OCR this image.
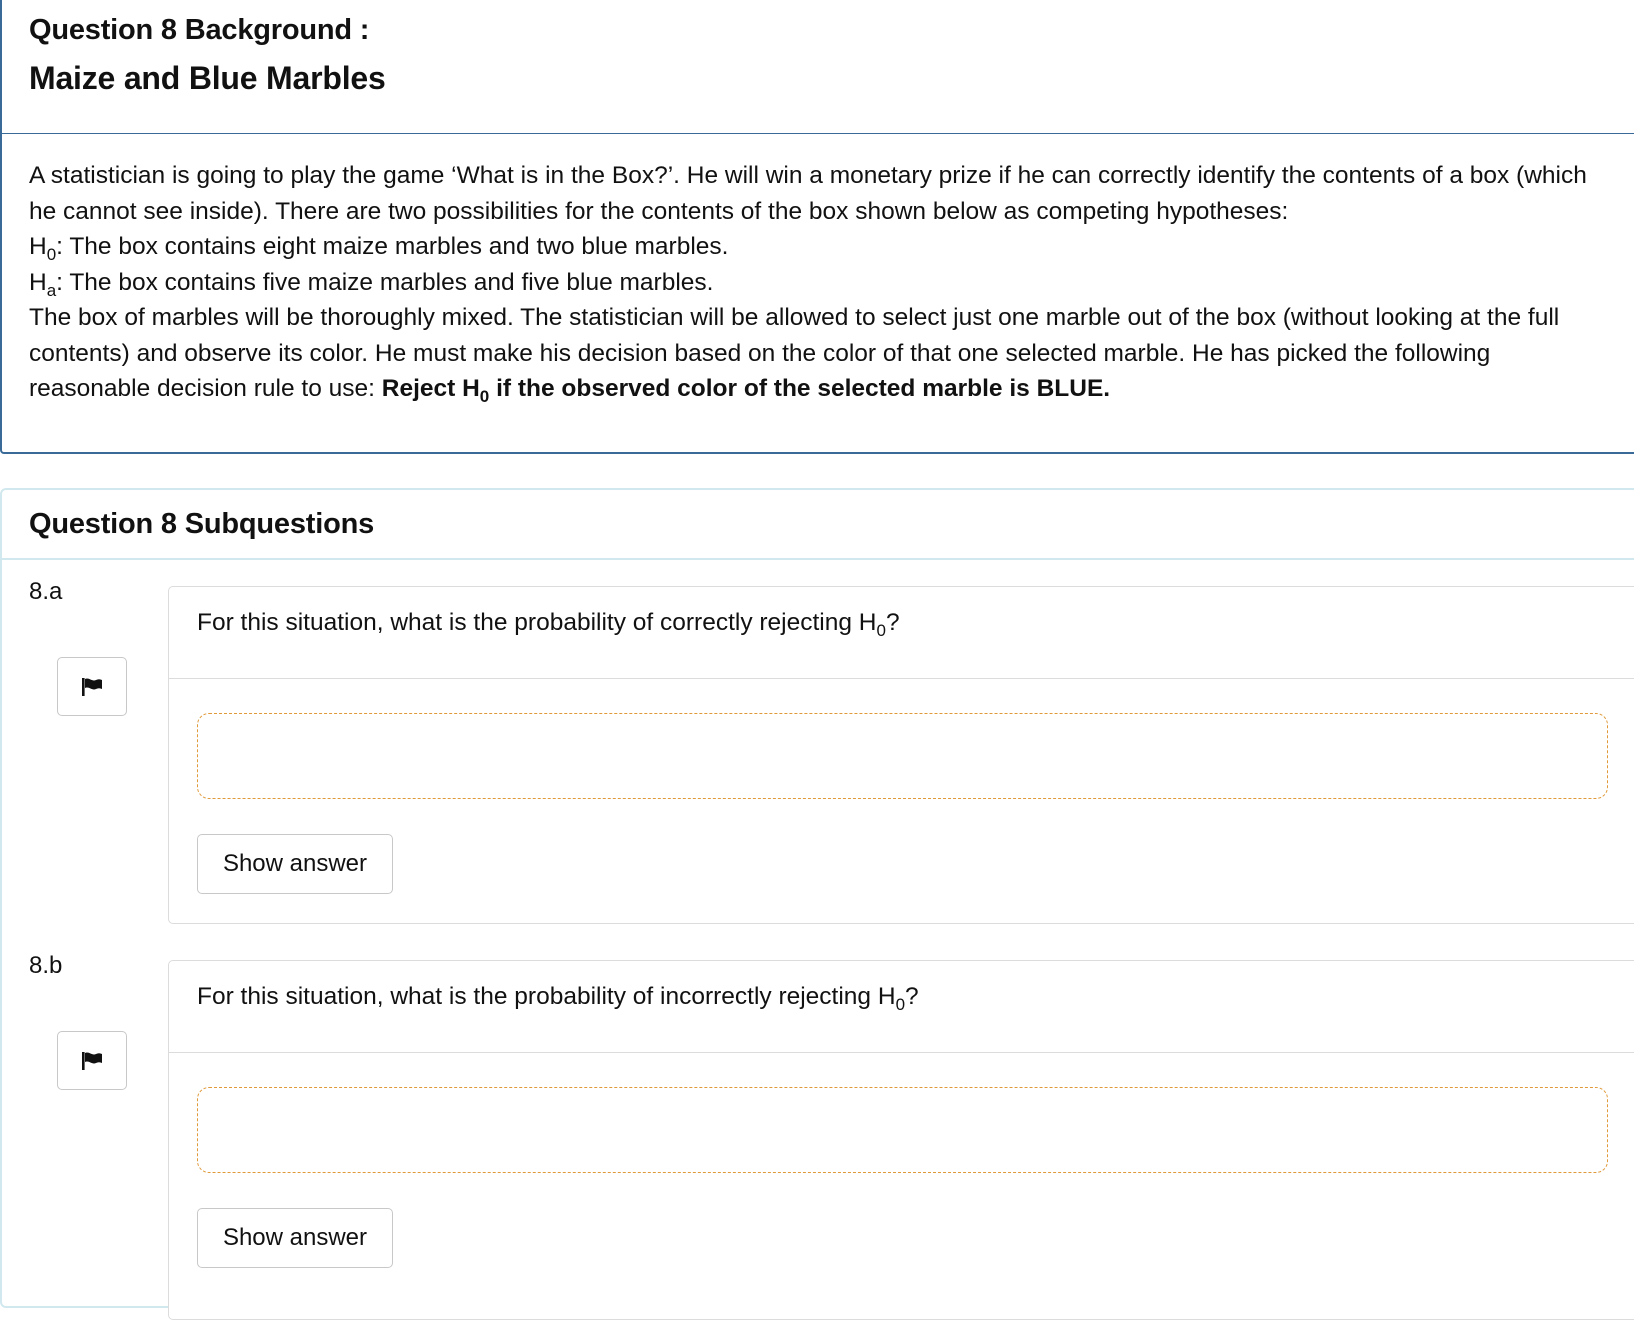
Question 8 Background :
Maize and Blue Marbles
A statistician is going to play the game ‘What is in the Box?’. He will win a monetary prize if he can correctly identify the contents of a box (which
he cannot see inside). There are two possibilities for the contents of the box shown below as competing hypotheses:
$H_0$: The box contains eight maize marbles and two blue marbles.
$H_a$: The box contains five maize marbles and five blue marbles.
The box of marbles will be thoroughly mixed. The statistician will be allowed to select just one marble out of the box (without looking at the full
contents) and observe its color. He must make his decision based on the color of that one selected marble. He has picked the following
reasonable decision rule to use: Reject $H_0$ if the observed color of the selected marble is BLUE.
Question 8 Subquestions
8.a
For this situation, what is the probability of correctly rejecting $H_0$?
Show answer
8.b
For this situation, what is the probability of incorrectly rejecting $H_0$?
Show answer
